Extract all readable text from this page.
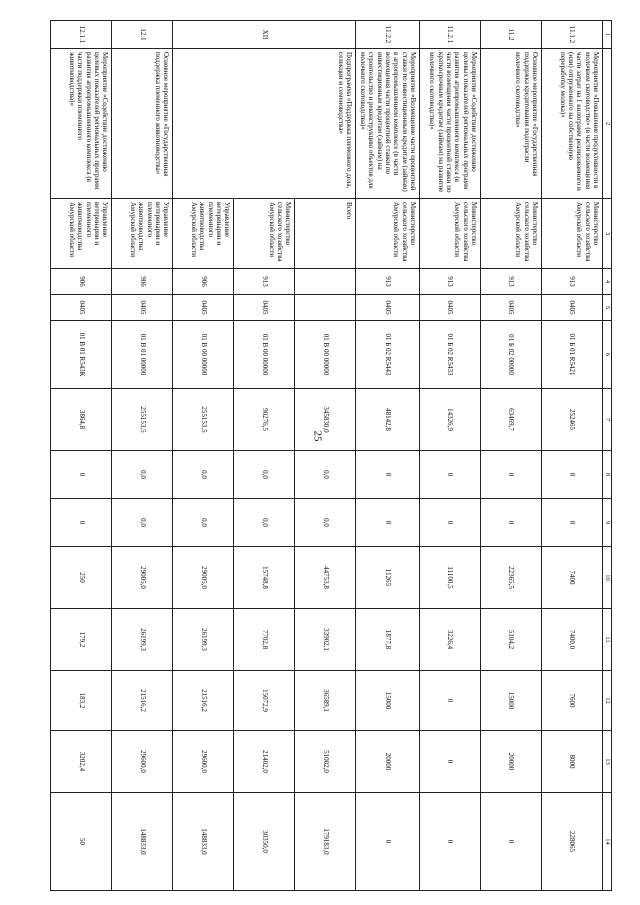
25
1	2	3	4	5	6	7	8	9	10	11	12	13	14
11.1.2	Мероприятие «Повышение продуктивности в молочном скотоводстве» (в части возмещения части затрат на 1 килограмм реализованного и (или) отгруженного на собственную переработку молока)»	Министерство сельского хозяйства Амурской области	913	0405	01 Б 01 R5421	252465	0	0	7400	7400,0	7600	8000	228065
11.2	Основное мероприятие «Государственная поддержка кредитования подотрасли молочного скотоводства»	Министерство сельского хозяйства Амурской области	913	0405	01 Б 02 00000	63469,7	0	0	22365,5	5104,2	15000	20000	0
11.2.1	Мероприятие «Содействие достижению целевых показателей региональных программ развития агропромышленного комплекса (в части возмещения части процентной ставки по краткосрочным кредитам (займам) на развитие молочного скотоводства)»	Министерство сельского хозяйства Амурской области	913	0405	01 Б 02 R5433	14326,9	0	0	11100,5	3226,4	0	0	0
11.2.2	Мероприятие «Возмещение части процентной ставки по инвестиционным кредитам (займам) в агропромышленном комплексе (в части возмещения части процентной ставки по инвестиционным кредитам (займам) на строительство и реконструкцию объектов для молочного скотоводства)»	Министерство сельского хозяйства Амурской области	913	0405	01 Б 02 R5443	48142,8	0	0	11265	1877,8	15000	20000	0
XII	Подпрограмма «Поддержка племенного дела, селекции и семеноводства»	Всего			01 В 00 00000	345830,0	0,0	0,0	44753,8	33902,1	36589,1	51002,0	179183,0
		Министерство сельского хозяйства Амурской области	913	0405	01 В 00 00000	90276,5	0,0	0,0	15748,8	7702,8	15072,9	21402,0	30350,0
		Управление ветеринарии и племенного животноводства Амурской области	906	0405	01 В 00 00000	255153,5	0,0	0,0	29005,0	26199,3	21516,2	29600,0	148833,0
12.1	Основное мероприятие «Государственная поддержка племенного животноводства»	Управление ветеринарии и племенного животноводства Амурской области	906	0405	01 В 01 00000	255153,5	0,0	0,0	29005,0	26199,3	21516,2	29600,0	148833,0
12.1.1	Мероприятие «Содействие достижению целевых показателей региональных программ развития агропромышленного комплекса (в части поддержки племенного животноводства)»	Управление ветеринарии и племенного животноводства Амурской области	906	0405	01 В 01 R543К	3864,8	0	0	250	179,2	183,2	3202,4	50
